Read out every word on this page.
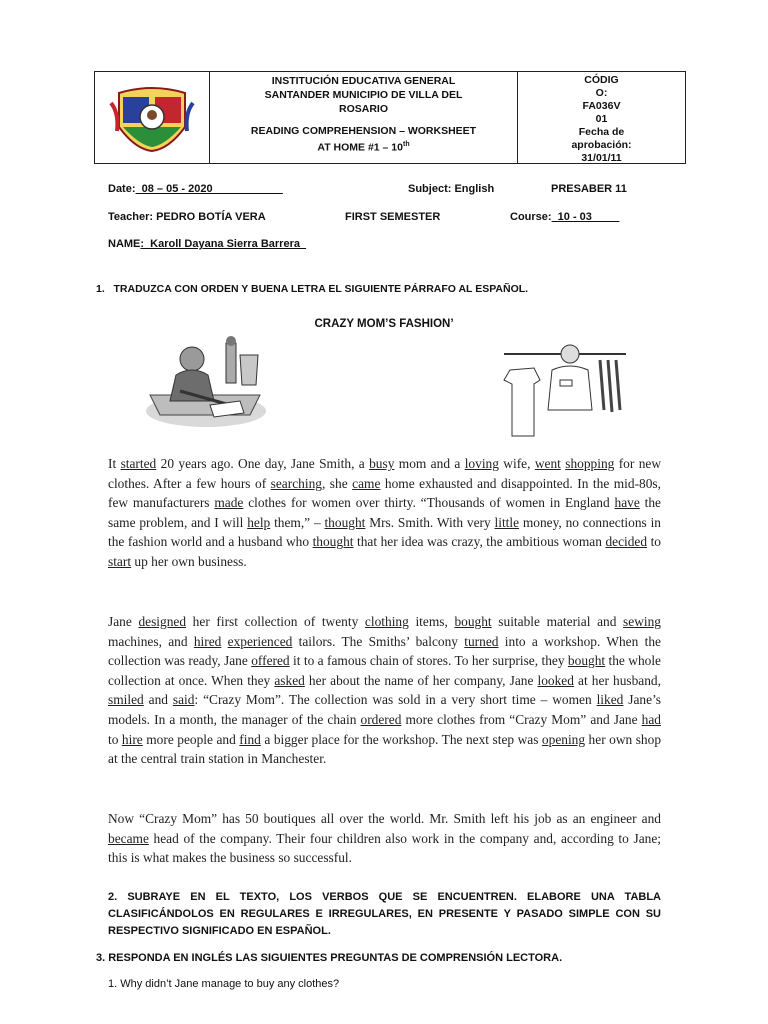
INSTITUCIÓN EDUCATIVA GENERAL
SANTANDER MUNICIPIO DE VILLA DEL
ROSARIO
READING COMPREHENSION – WORKSHEET
AT HOME #1 – 10th
CÓDIG
O:
FA036V
01
Fecha de
aprobación:
31/01/11
Date:  08 – 05 - 2020	Subject: English	PRESABER 11
Teacher: PEDRO BOTÍA VERA	FIRST SEMESTER	Course:  10 - 03
NAME:  Karoll Dayana Sierra Barrera
1.   TRADUZCA CON ORDEN Y BUENA LETRA EL SIGUIENTE PÁRRAFO AL ESPAÑOL.
CRAZY MOM’S FASHION’
It started 20 years ago. One day, Jane Smith, a busy mom and a loving wife, went shopping for new clothes. After a few hours of searching, she came home exhausted and disappointed. In the mid-80s, few manufacturers made clothes for women over thirty. “Thousands of women in England have the same problem, and I will help them,” – thought Mrs. Smith. With very little money, no connections in the fashion world and a husband who thought that her idea was crazy, the ambitious woman decided to start up her own business.
Jane designed her first collection of twenty clothing items, bought suitable material and sewing machines, and hired experienced tailors. The Smiths’ balcony turned into a workshop. When the collection was ready, Jane offered it to a famous chain of stores. To her surprise, they bought the whole collection at once. When they asked her about the name of her company, Jane looked at her husband, smiled and said: “Crazy Mom”. The collection was sold in a very short time – women liked Jane’s models. In a month, the manager of the chain ordered more clothes from “Crazy Mom” and Jane had to hire more people and find a bigger place for the workshop. The next step was opening her own shop at the central train station in Manchester.
Now “Crazy Mom” has 50 boutiques all over the world. Mr. Smith left his job as an engineer and became head of the company. Their four children also work in the company and, according to Jane; this is what makes the business so successful.
2. SUBRAYE EN EL TEXTO, LOS VERBOS QUE SE ENCUENTREN. ELABORE UNA TABLA CLASIFICÁNDOLOS EN REGULARES E IRREGULARES, EN PRESENTE Y PASADO SIMPLE CON SU RESPECTIVO SIGNIFICADO EN ESPAÑOL.
3. RESPONDA EN INGLÉS LAS SIGUIENTES PREGUNTAS DE COMPRENSIÓN LECTORA.
1. Why didn’t Jane manage to buy any clothes?
